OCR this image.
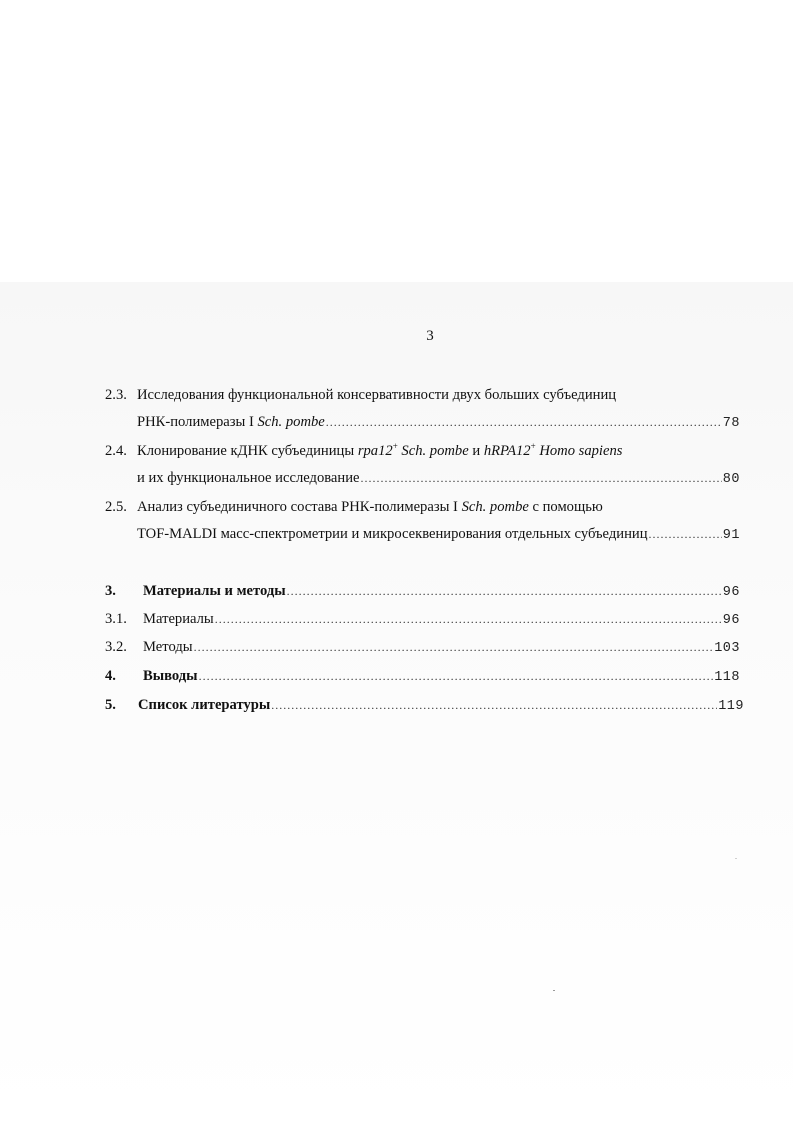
3
2.3. Исследования функциональной консервативности двух больших субъединиц
РНК-полимеразы I Sch. pombe .....	78
2.4. Клонирование кДНК субъединицы rpa12+ Sch. pombe и hRPA12+ Homo sapiens
и их функциональное исследование .....	80
2.5. Анализ субъединичного состава РНК-полимеразы I Sch. pombe с помощью
TOF-MALDI масс-спектрометрии и микросеквенирования отдельных субъединиц .....	91
3. Материалы и методы .....	96
3.1. Материалы .....	96
3.2. Методы .....	103
4. Выводы .....	118
5. Список литературы .....	119
